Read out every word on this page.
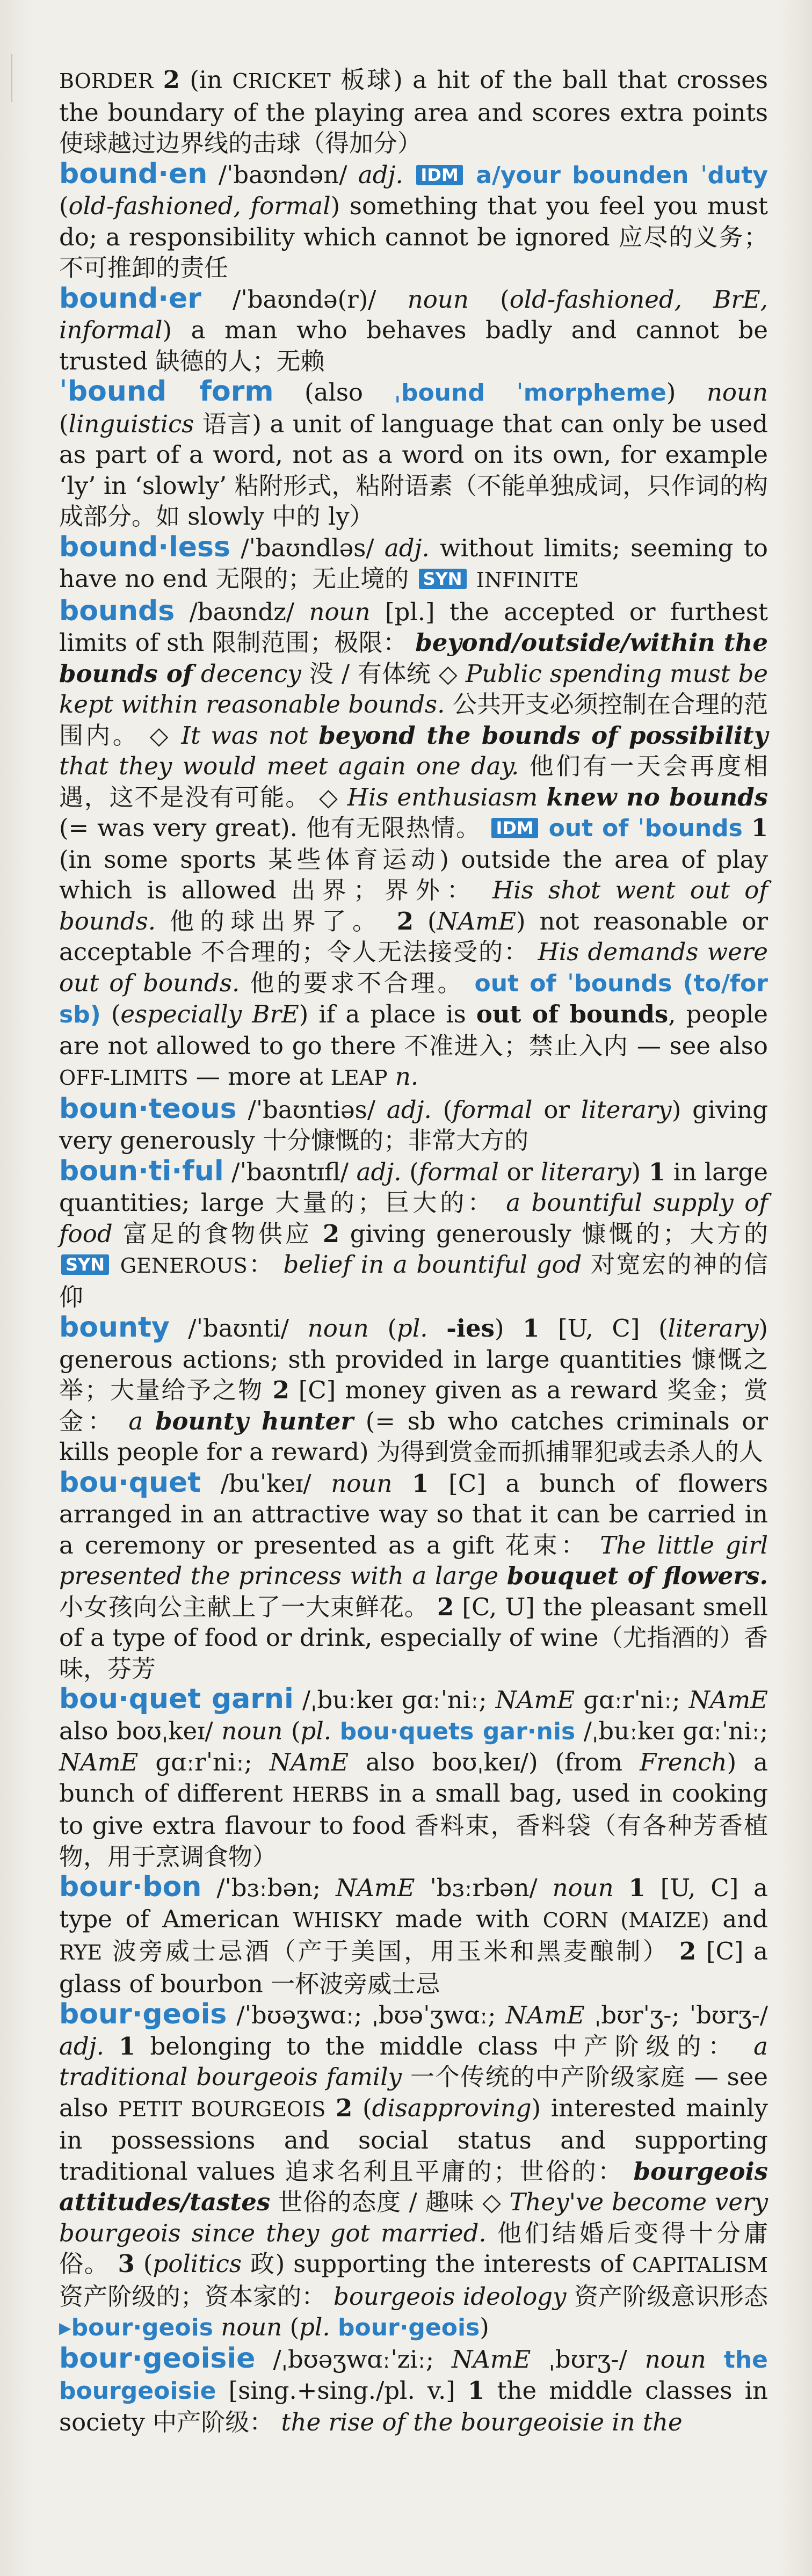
BORDER 2 (in CRICKET 板球) a hit of the ball that crosses the boundary of the playing area and scores extra points 使球越过边界线的击球（得加分）

bound·en /ˈbaʊndən/ adj. IDM a/your bounden ˈduty (old-fashioned, formal) something that you feel you must do; a responsibility which cannot be ignored 应尽的义务；不可推卸的责任

bound·er /ˈbaʊndə(r)/ noun (old-fashioned, BrE, informal) a man who behaves badly and cannot be trusted 缺德的人；无赖

ˈbound form (also ˌbound ˈmorpheme) noun (linguistics 语言) a unit of language that can only be used as part of a word, not as a word on its own, for example ‘ly’ in ‘slowly’ 粘附形式，粘附语素（不能单独成词，只作词的构成部分。如 slowly 中的 ly）

bound·less /ˈbaʊndləs/ adj. without limits; seeming to have no end 无限的；无止境的 SYN INFINITE

bounds /baʊndz/ noun [pl.] the accepted or furthest limits of sth 限制范围；极限： beyond/outside/within the bounds of decency 没 / 有体统 ◇ Public spending must be kept within reasonable bounds. 公共开支必须控制在合理的范围内。 ◇ It was not beyond the bounds of possibility that they would meet again one day. 他们有一天会再度相遇，这不是没有可能。 ◇ His enthusiasm knew no bounds (= was very great). 他有无限热情。 IDM out of ˈbounds 1 (in some sports 某些体育运动) outside the area of play which is allowed 出界；界外： His shot went out of bounds. 他的球出界了。 2 (NAmE) not reasonable or acceptable 不合理的；令人无法接受的： His demands were out of bounds. 他的要求不合理。 out of ˈbounds (to/for sb) (especially BrE) if a place is out of bounds, people are not allowed to go there 不准进入；禁止入内 — see also OFF-LIMITS — more at LEAP n.

boun·teous /ˈbaʊntiəs/ adj. (formal or literary) giving very generously 十分慷慨的；非常大方的

boun·ti·ful /ˈbaʊntɪfl/ adj. (formal or literary) 1 in large quantities; large 大量的；巨大的： a bountiful supply of food 富足的食物供应 2 giving generously 慷慨的；大方的 SYN GENEROUS： belief in a bountiful god 对宽宏的神的信仰

bounty /ˈbaʊnti/ noun (pl. -ies) 1 [U, C] (literary) generous actions; sth provided in large quantities 慷慨之举；大量给予之物 2 [C] money given as a reward 奖金；赏金： a bounty hunter (= sb who catches criminals or kills people for a reward) 为得到赏金而抓捕罪犯或去杀人的人

bou·quet /buˈkeɪ/ noun 1 [C] a bunch of flowers arranged in an attractive way so that it can be carried in a ceremony or presented as a gift 花束： The little girl presented the princess with a large bouquet of flowers. 小女孩向公主献上了一大束鲜花。 2 [C, U] the pleasant smell of a type of food or drink, especially of wine（尤指酒的）香味，芬芳

bou·quet garni /ˌbuːkeɪ ɡɑːˈniː; NAmE ɡɑːrˈniː; NAmE also boʊˌkeɪ/ noun (pl. bou·quets gar·nis /ˌbuːkeɪ ɡɑːˈniː; NAmE ɡɑːrˈniː; NAmE also boʊˌkeɪ/) (from French) a bunch of different HERBS in a small bag, used in cooking to give extra flavour to food 香料束，香料袋（有各种芳香植物，用于烹调食物）

bour·bon /ˈbɜːbən; NAmE ˈbɜːrbən/ noun 1 [U, C] a type of American WHISKY made with CORN (MAIZE) and RYE 波旁威士忌酒（产于美国，用玉米和黑麦酿制） 2 [C] a glass of bourbon 一杯波旁威士忌

bour·geois /ˈbʊəʒwɑː; ˌbʊəˈʒwɑː; NAmE ˌbʊrˈʒ-; ˈbʊrʒ-/ adj. 1 belonging to the middle class 中产阶级的： a traditional bourgeois family 一个传统的中产阶级家庭 — see also PETIT BOURGEOIS 2 (disapproving) interested mainly in possessions and social status and supporting traditional values 追求名利且平庸的；世俗的： bourgeois attitudes/tastes 世俗的态度 / 趣味 ◇ They've become very bourgeois since they got married. 他们结婚后变得十分庸俗。 3 (politics 政) supporting the interests of CAPITALISM 资产阶级的；资本家的： bourgeois ideology 资产阶级意识形态 ▸bour·geois noun (pl. bour·geois)

bour·geoisie /ˌbʊəʒwɑːˈziː; NAmE ˌbʊrʒ-/ noun the bourgeoisie [sing.+sing./pl. v.] 1 the middle classes in society 中产阶级： the rise of the bourgeoisie in the
